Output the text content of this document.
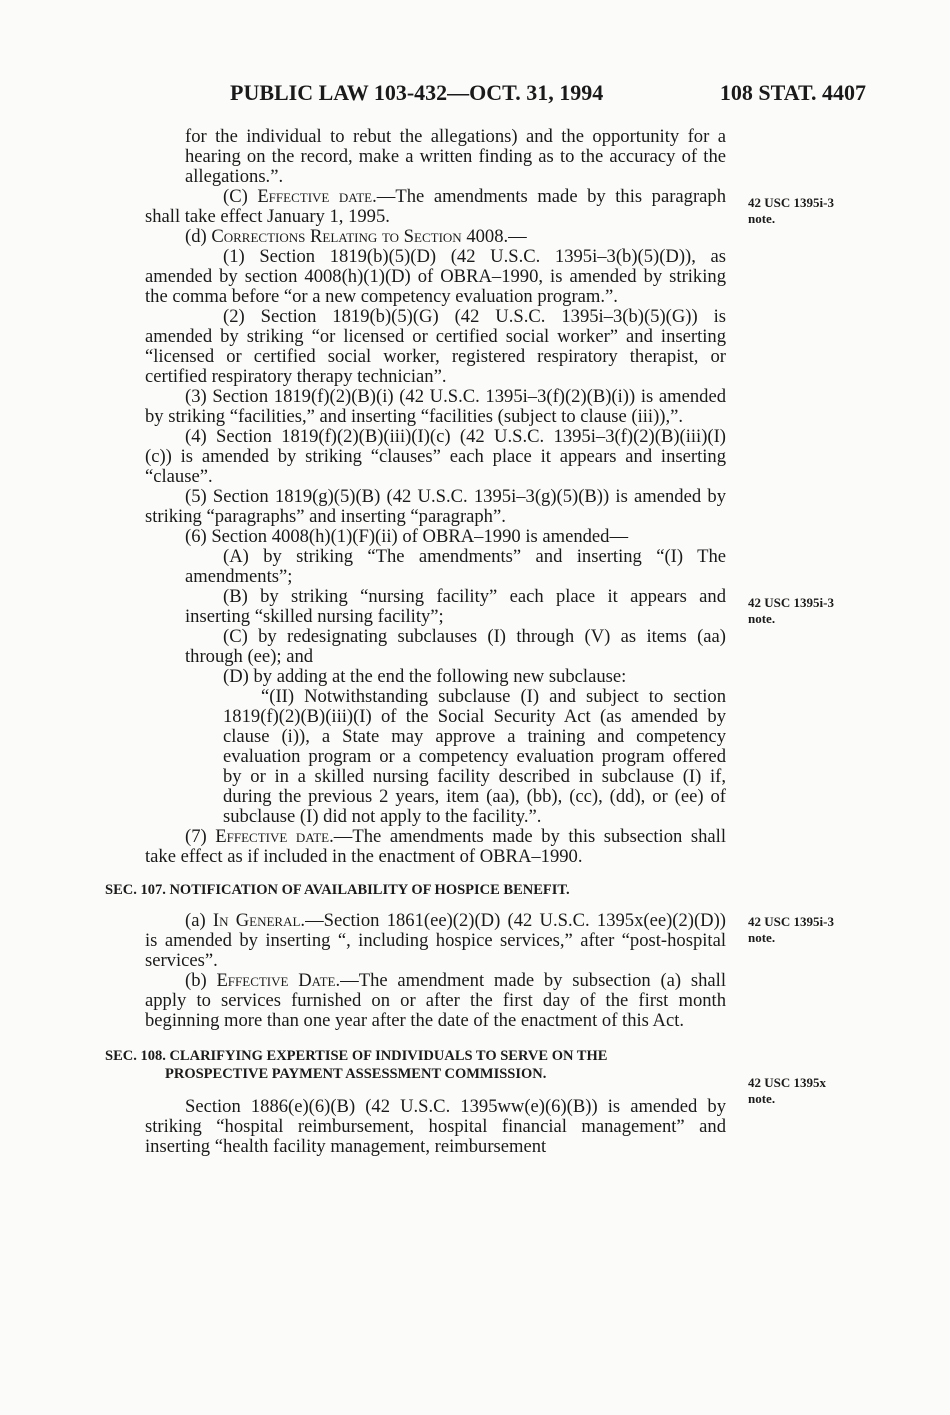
PUBLIC LAW 103-432—OCT. 31, 1994	108 STAT. 4407

for the individual to rebut the allegations) and the opportunity for a hearing on the record, make a written finding as to the accuracy of the allegations.”.

(C) Effective date.—The amendments made by this paragraph shall take effect January 1, 1995.

(d) Corrections Relating to Section 4008.—

(1) Section 1819(b)(5)(D) (42 U.S.C. 1395i–3(b)(5)(D)), as amended by section 4008(h)(1)(D) of OBRA–1990, is amended by striking the comma before “or a new competency evaluation program.”.

(2) Section 1819(b)(5)(G) (42 U.S.C. 1395i–3(b)(5)(G)) is amended by striking “or licensed or certified social worker” and inserting “licensed or certified social worker, registered respiratory therapist, or certified respiratory therapy technician”.

(3) Section 1819(f)(2)(B)(i) (42 U.S.C. 1395i–3(f)(2)(B)(i)) is amended by striking “facilities,” and inserting “facilities (subject to clause (iii)),”.

(4) Section 1819(f)(2)(B)(iii)(I)(c) (42 U.S.C. 1395i–3(f)(2)(B)(iii)(I)(c)) is amended by striking “clauses” each place it appears and inserting “clause”.

(5) Section 1819(g)(5)(B) (42 U.S.C. 1395i–3(g)(5)(B)) is amended by striking “paragraphs” and inserting “paragraph”.

(6) Section 4008(h)(1)(F)(ii) of OBRA–1990 is amended—

(A) by striking “The amendments” and inserting “(I) The amendments”;

(B) by striking “nursing facility” each place it appears and inserting “skilled nursing facility”;

(C) by redesignating subclauses (I) through (V) as items (aa) through (ee); and

(D) by adding at the end the following new subclause:

“(II) Notwithstanding subclause (I) and subject to section 1819(f)(2)(B)(iii)(I) of the Social Security Act (as amended by clause (i)), a State may approve a training and competency evaluation program or a competency evaluation program offered by or in a skilled nursing facility described in subclause (I) if, during the previous 2 years, item (aa), (bb), (cc), (dd), or (ee) of subclause (I) did not apply to the facility.”.

(7) Effective date.—The amendments made by this subsection shall take effect as if included in the enactment of OBRA–1990.

SEC. 107. NOTIFICATION OF AVAILABILITY OF HOSPICE BENEFIT.

(a) In General.—Section 1861(ee)(2)(D) (42 U.S.C. 1395x(ee)(2)(D)) is amended by inserting “, including hospice services,” after “post-hospital services”.

(b) Effective Date.—The amendment made by subsection (a) shall apply to services furnished on or after the first day of the first month beginning more than one year after the date of the enactment of this Act.

SEC. 108. CLARIFYING EXPERTISE OF INDIVIDUALS TO SERVE ON THE
PROSPECTIVE PAYMENT ASSESSMENT COMMISSION.

Section 1886(e)(6)(B) (42 U.S.C. 1395ww(e)(6)(B)) is amended by striking “hospital reimbursement, hospital financial management” and inserting “health facility management, reimbursement

42 USC 1395i-3
note.
42 USC 1395i-3
note.
42 USC 1395i-3
note.
42 USC 1395x
note.
